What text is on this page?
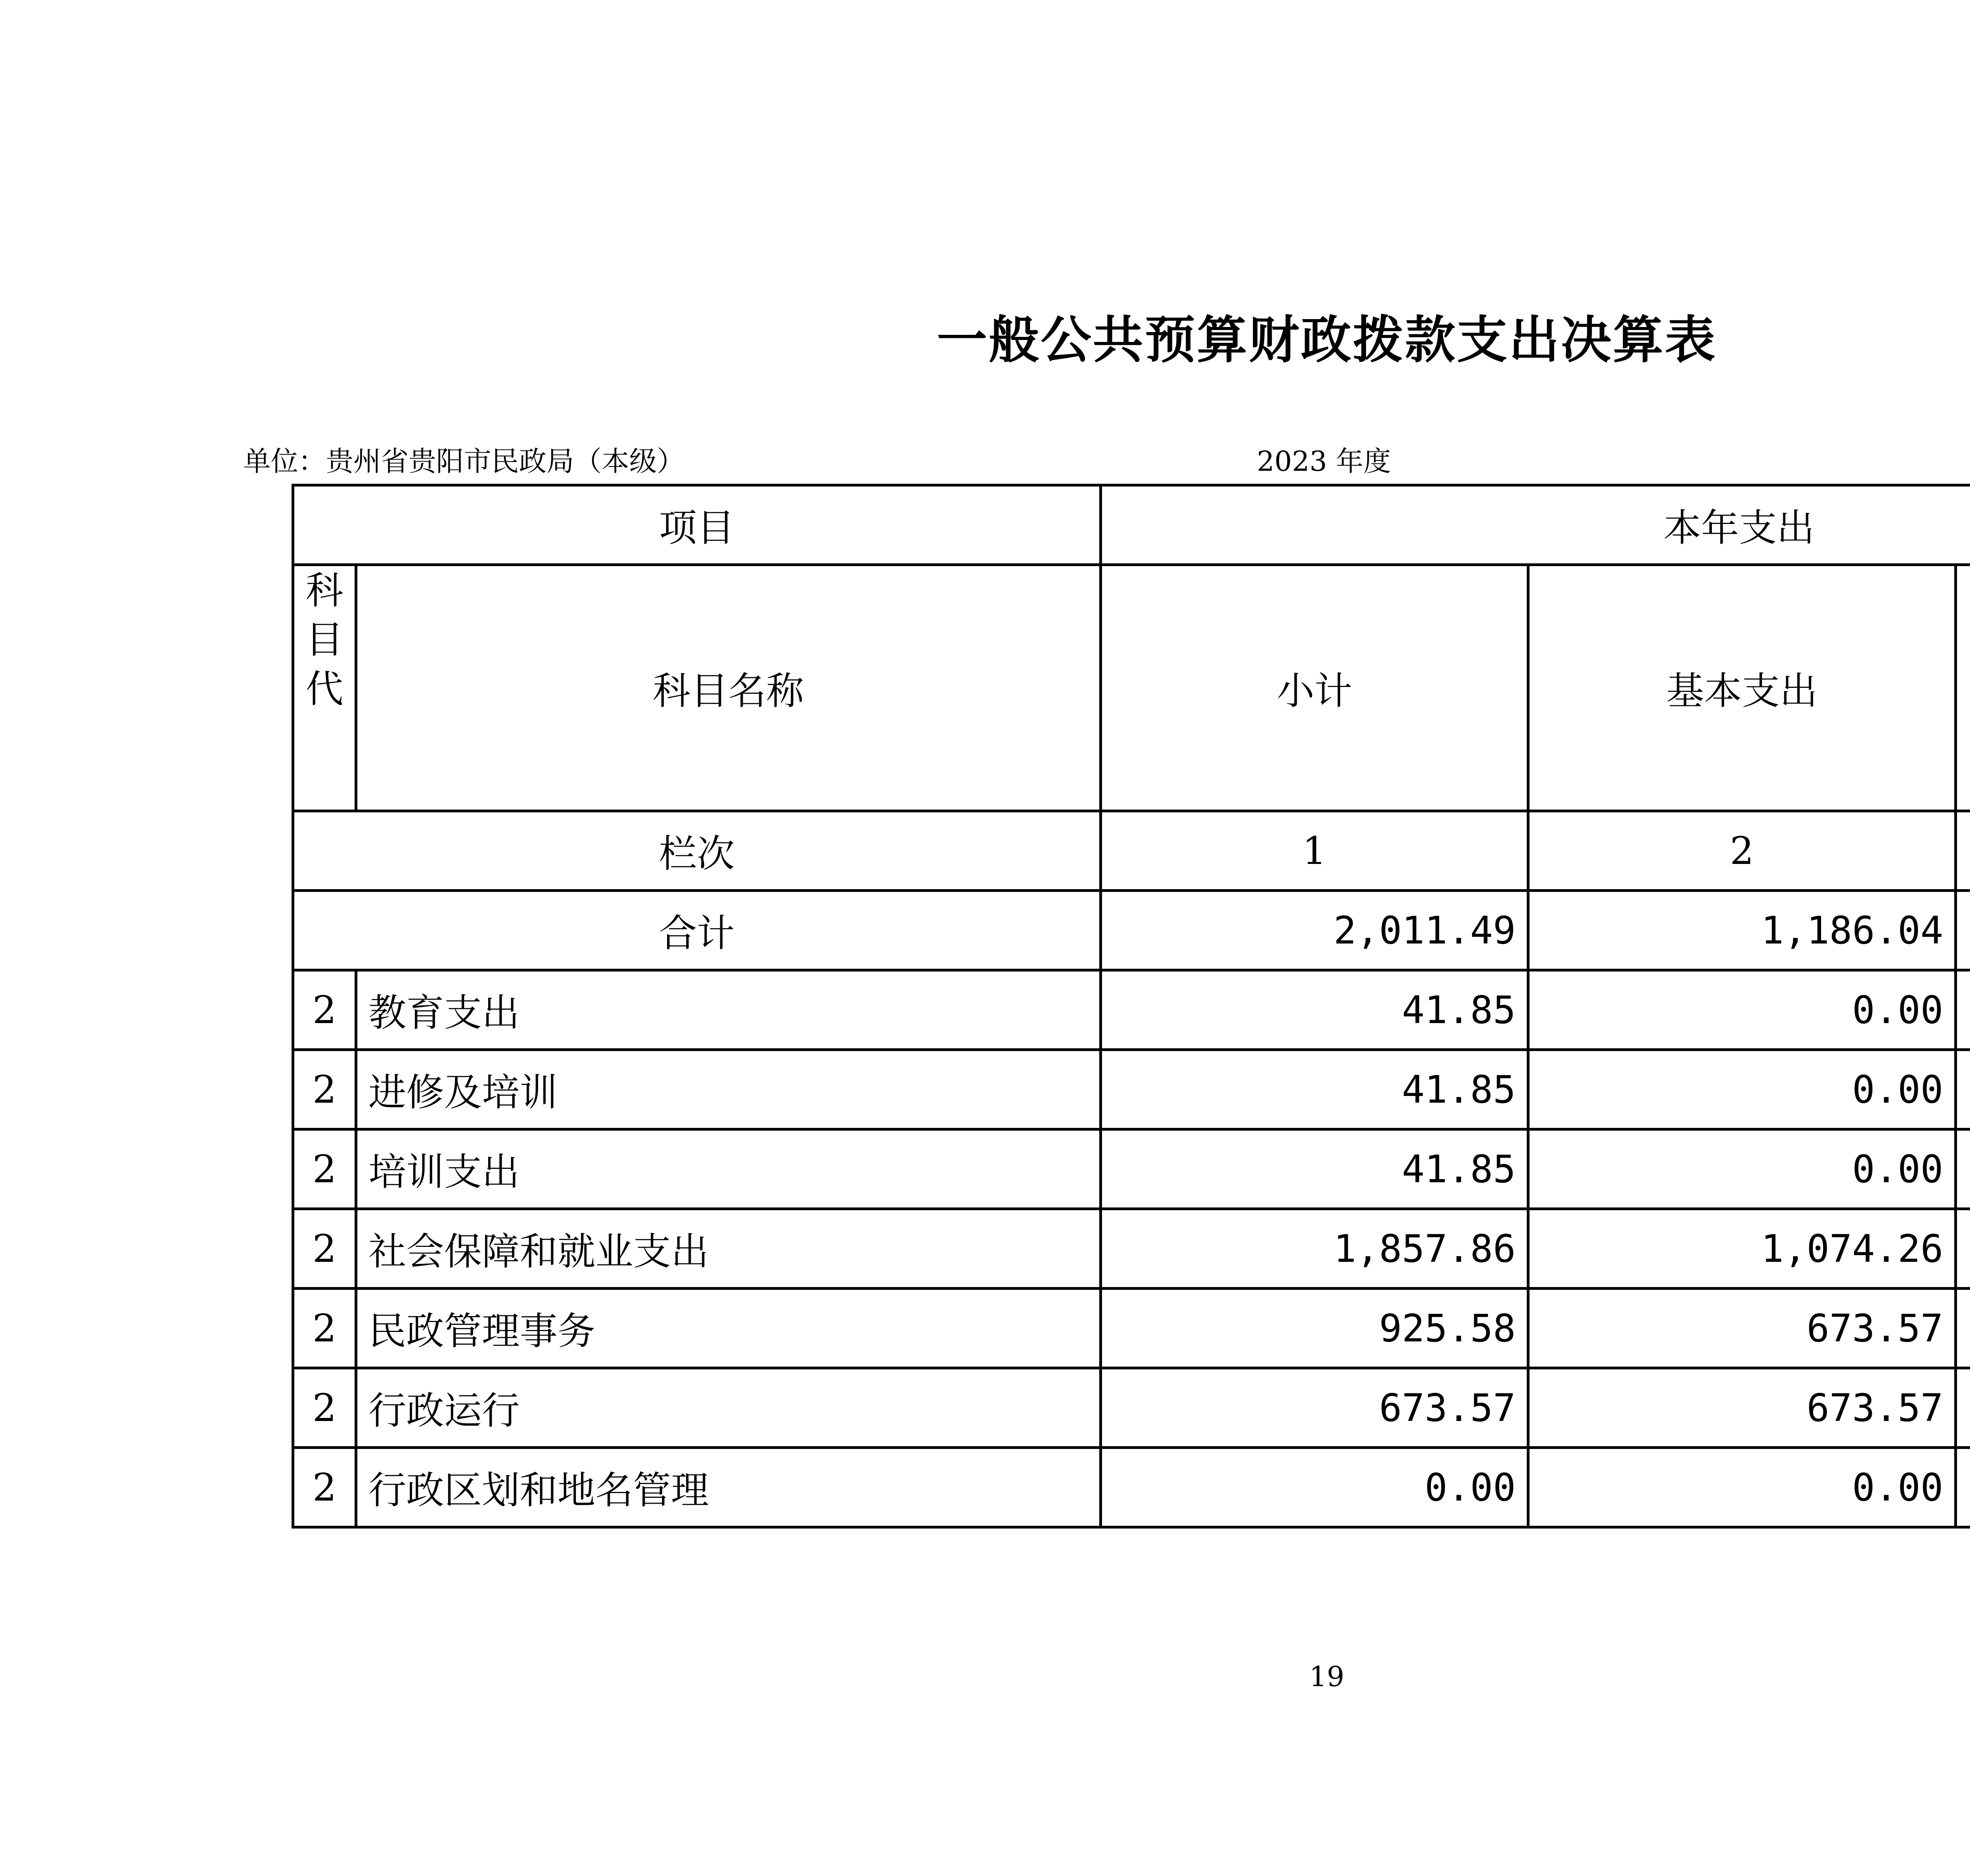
一般公共预算财政拨款支出决算表
单位：贵州省贵阳市民政局（本级）	2023 年度
项目		本年支出		

科
目
代	科目名称	小计	基本支出	
栏次		1	2	
合计		2,011.49	1,186.04	
2	教育支出	41.85	0.00	
2	进修及培训	41.85	0.00	
2	培训支出	41.85	0.00	
2	社会保障和就业支出	1,857.86	1,074.26	
2	民政管理事务	925.58	673.57	
2	行政运行	673.57	673.57	
2	行政区划和地名管理	0.00	0.00	
19
